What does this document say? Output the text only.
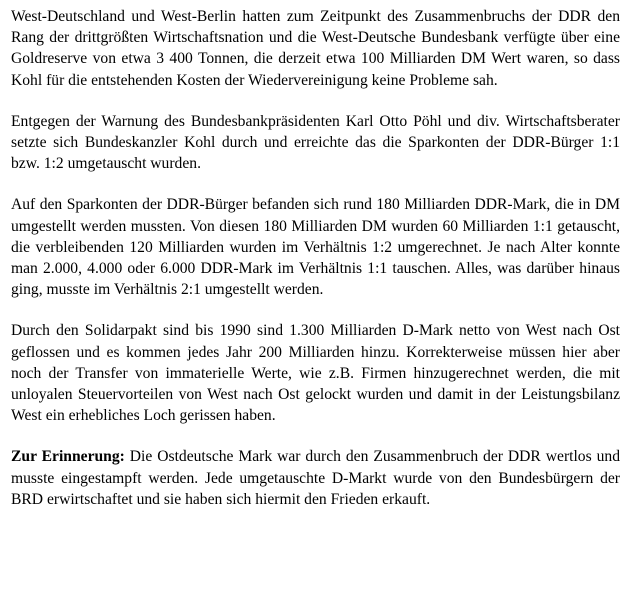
West-Deutschland und West-Berlin hatten zum Zeitpunkt des Zusammenbruchs der DDR den Rang der drittgrößten Wirtschaftsnation und die West-Deutsche Bundesbank verfügte über eine Goldreserve von etwa 3 400 Tonnen, die derzeit etwa 100 Milliarden DM Wert waren, so dass Kohl für die entstehenden Kosten der Wiedervereinigung keine Probleme sah.

Entgegen der Warnung des Bundesbankpräsidenten Karl Otto Pöhl und div. Wirtschaftsberater setzte sich Bundeskanzler Kohl durch und erreichte das die Sparkonten der DDR-Bürger 1:1 bzw. 1:2 umgetauscht wurden.

Auf den Sparkonten der DDR-Bürger befanden sich rund 180 Milliarden DDR-Mark, die in DM umgestellt werden mussten. Von diesen 180 Milliarden DM wurden 60 Milliarden 1:1 getauscht, die verbleibenden 120 Milliarden wurden im Verhältnis 1:2 umgerechnet. Je nach Alter konnte man 2.000, 4.000 oder 6.000 DDR-Mark im Verhältnis 1:1 tauschen. Alles, was darüber hinaus ging, musste im Verhältnis 2:1 umgestellt werden.

Durch den Solidarpakt sind bis 1990 sind 1.300 Milliarden D-Mark netto von West nach Ost geflossen und es kommen jedes Jahr 200 Milliarden hinzu. Korrekterweise müssen hier aber noch der Transfer von immaterielle Werte, wie z.B. Firmen hinzugerechnet werden, die mit unloyalen Steuervorteilen von West nach Ost gelockt wurden und damit in der Leistungsbilanz West ein erhebliches Loch gerissen haben.

Zur Erinnerung: Die Ostdeutsche Mark war durch den Zusammenbruch der DDR wertlos und musste eingestampft werden. Jede umgetauschte D-Markt wurde von den Bundesbürgern der BRD erwirtschaftet und sie haben sich hiermit den Frieden erkauft.
